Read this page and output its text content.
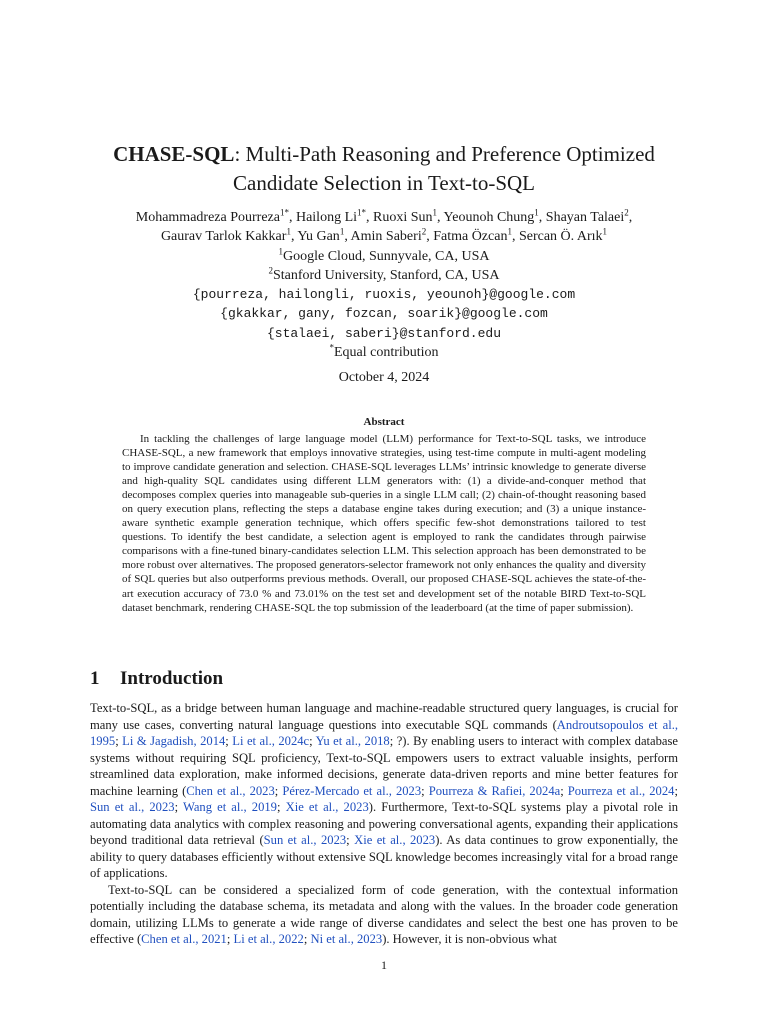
CHASE-SQL: Multi-Path Reasoning and Preference Optimized
Candidate Selection in Text-to-SQL
Mohammadreza Pourreza$^{1*}$, Hailong $Li^{1*}$, Ruoxi Sun$^1$, Yeounoh Chung$^1$, Shayan Talaei$^2$,
Gaurav Tarlok Kakkar$^1$, Yu Gan$^1$, Amin Saberi$^2$, Fatma Özcan$^1$, Sercan Ö. Arık$^1$
$^1$Google Cloud, Sunnyvale, CA, USA
$^2$Stanford University, Stanford, CA, USA
{pourreza, hailongli, ruoxis, yeounoh}@google.com
{gkakkar, gany, fozcan, soarik}@google.com
{stalaei, saberi}@stanford.edu
*Equal contribution
October 4, 2024
Abstract
In tackling the challenges of large language model (LLM) performance for Text-to-SQL tasks, we introduce CHASE-SQL, a new framework that employs innovative strategies, using test-time compute in multi-agent modeling to improve candidate generation and selection. CHASE-SQL leverages LLMs’ intrinsic knowledge to generate diverse and high-quality SQL candidates using different LLM generators with: (1) a divide-and-conquer method that decomposes complex queries into manageable sub-queries in a single LLM call; (2) chain-of-thought reasoning based on query execution plans, reflecting the steps a database engine takes during execution; and (3) a unique instance-aware synthetic example generation technique, which offers specific few-shot demonstrations tailored to test questions. To identify the best candidate, a selection agent is employed to rank the candidates through pairwise comparisons with a fine-tuned binary-candidates selection LLM. This selection approach has been demonstrated to be more robust over alternatives. The proposed generators-selector framework not only enhances the quality and diversity of SQL queries but also outperforms previous methods. Overall, our proposed CHASE-SQL achieves the state-of-the-art execution accuracy of 73.0 % and 73.01% on the test set and development set of the notable BIRD Text-to-SQL dataset benchmark, rendering CHASE-SQL the top submission of the leaderboard (at the time of paper submission).
1 Introduction

Text-to-SQL, as a bridge between human language and machine-readable structured query languages, is crucial for many use cases, converting natural language questions into executable SQL commands (Androutsopoulos et al., 1995; Li & Jagadish, 2014; Li et al., 2024c; Yu et al., 2018; ?). By enabling users to interact with complex database systems without requiring SQL proficiency, Text-to-SQL empowers users to extract valuable insights, perform streamlined data exploration, make informed decisions, generate data-driven reports and mine better features for machine learning (Chen et al., 2023; Pérez-Mercado et al., 2023; Pourreza & Rafiei, 2024a; Pourreza et al., 2024; Sun et al., 2023; Wang et al., 2019; Xie et al., 2023). Furthermore, Text-to-SQL systems play a pivotal role in automating data analytics with complex reasoning and powering conversational agents, expanding their applications beyond traditional data retrieval (Sun et al., 2023; Xie et al., 2023). As data continues to grow exponentially, the ability to query databases efficiently without extensive SQL knowledge becomes increasingly vital for a broad range of applications.

Text-to-SQL can be considered a specialized form of code generation, with the contextual information potentially including the database schema, its metadata and along with the values. In the broader code generation domain, utilizing LLMs to generate a wide range of diverse candidates and select the best one has proven to be effective (Chen et al., 2021; Li et al., 2022; Ni et al., 2023). However, it is non-obvious what

1
